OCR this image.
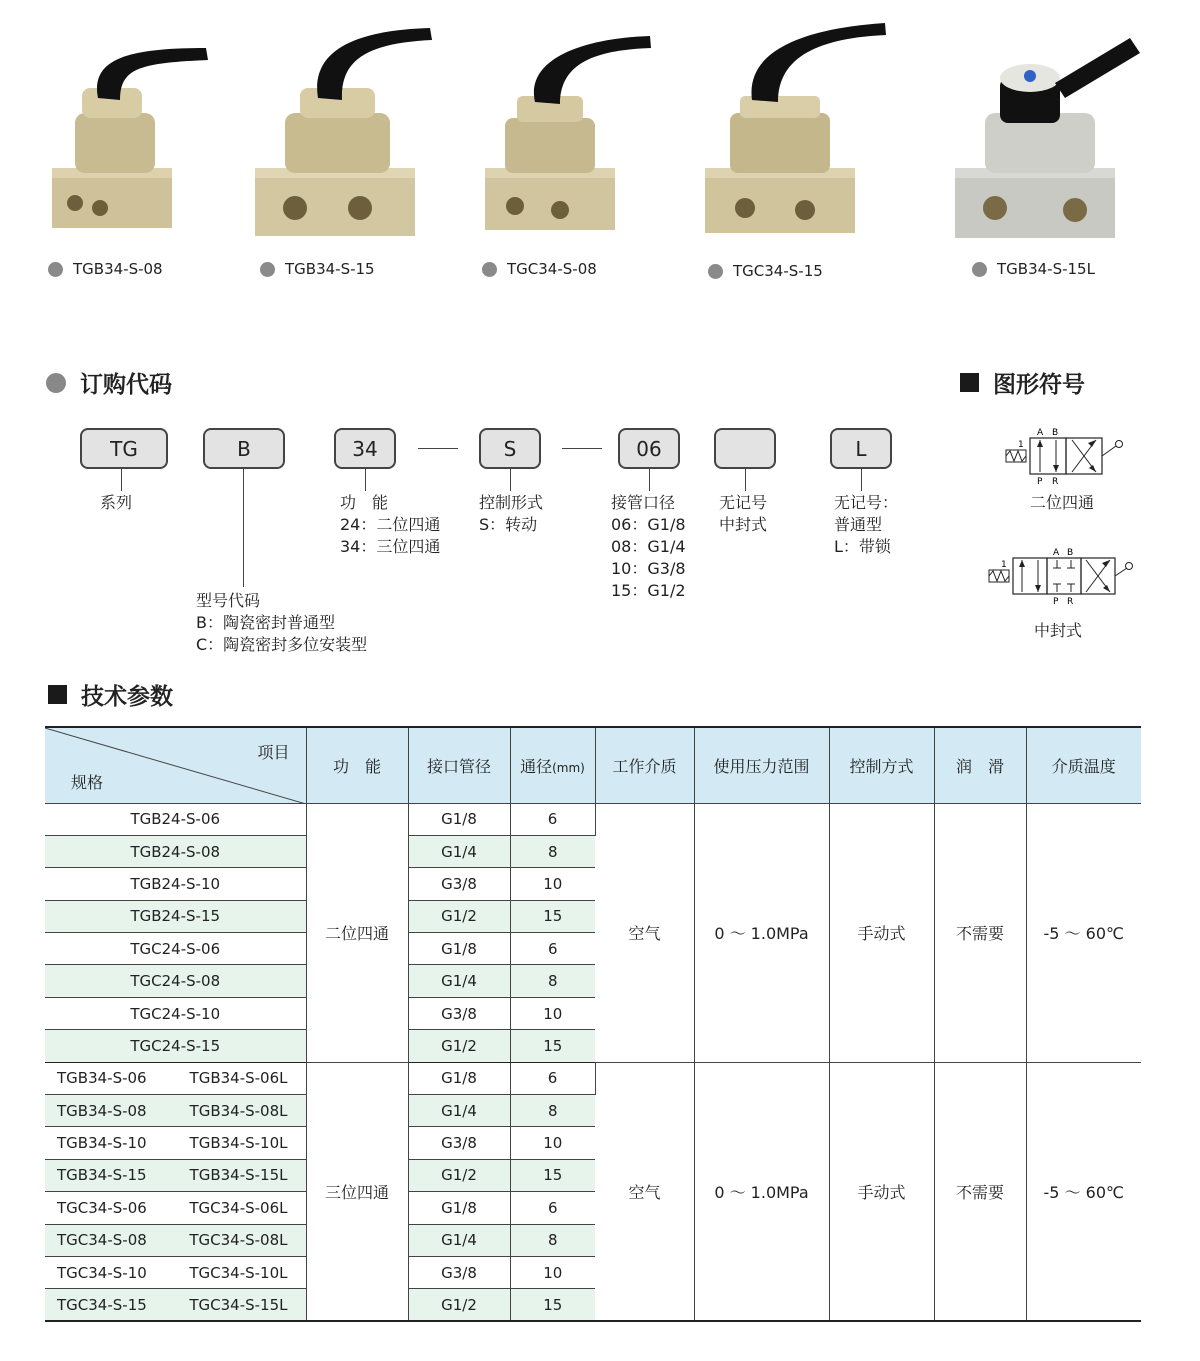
TGB34-S-08	TGB34-S-15	TGC34-S-08	TGC34-S-15	TGB34-S-15L
订购代码
TG	B	34	S	06	L
系列
型号代码
B：陶瓷密封普通型
C：陶瓷密封多位安装型
功　能
24：二位四通
34：三位四通
控制形式
S：转动
接管口径
06：G1/8
08：G1/4
10：G3/8
15：G1/2
无记号
中封式
无记号：
普通型
L：带锁
图形符号
1
A B
P R
二位四通
1
A B
P R
中封式
技术参数
项目
规格	功　能	接口管径	通径(mm)	工作介质	使用压力范围	控制方式	润　滑	介质温度
TGB24-S-06	二位四通	G1/8	6	空气	0 ～ 1.0MPa	手动式	不需要	-5 ～ 60℃
TGB24-S-08		G1/4	8					
TGB24-S-10		G3/8	10					
TGB24-S-15		G1/2	15					
TGC24-S-06		G1/8	6					
TGC24-S-08		G1/4	8					
TGC24-S-10		G3/8	10					
TGC24-S-15		G1/2	15					

TGB34-S-06 TGB34-S-06L	三位四通	G1/8	6	空气	0 ～ 1.0MPa	手动式	不需要	-5 ～ 60℃

TGB34-S-08 TGB34-S-08L		G1/4	8					

TGB34-S-10 TGB34-S-10L		G3/8	10					

TGB34-S-15 TGB34-S-15L		G1/2	15					

TGC34-S-06 TGC34-S-06L		G1/8	6					

TGC34-S-08 TGC34-S-08L		G1/4	8					

TGC34-S-10 TGC34-S-10L		G3/8	10					

TGC34-S-15 TGC34-S-15L		G1/2	15					
